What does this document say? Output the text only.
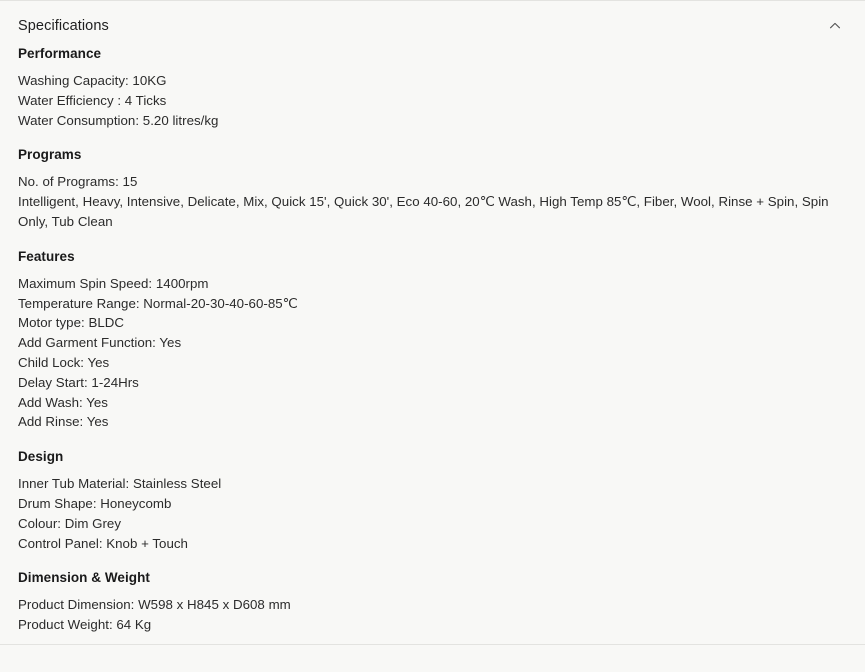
Specifications
Performance
Washing Capacity: 10KG
Water Efficiency : 4 Ticks
Water Consumption: 5.20 litres/kg
Programs
No. of Programs: 15
Intelligent, Heavy, Intensive, Delicate, Mix, Quick 15', Quick 30', Eco 40-60, 20℃ Wash, High Temp 85℃, Fiber, Wool, Rinse + Spin, Spin Only, Tub Clean
Features
Maximum Spin Speed: 1400rpm
Temperature Range: Normal-20-30-40-60-85℃
Motor type: BLDC
Add Garment Function: Yes
Child Lock: Yes
Delay Start: 1-24Hrs
Add Wash: Yes
Add Rinse: Yes
Design
Inner Tub Material: Stainless Steel
Drum Shape: Honeycomb
Colour: Dim Grey
Control Panel: Knob + Touch
Dimension & Weight
Product Dimension: W598 x H845 x D608 mm
Product Weight: 64 Kg
